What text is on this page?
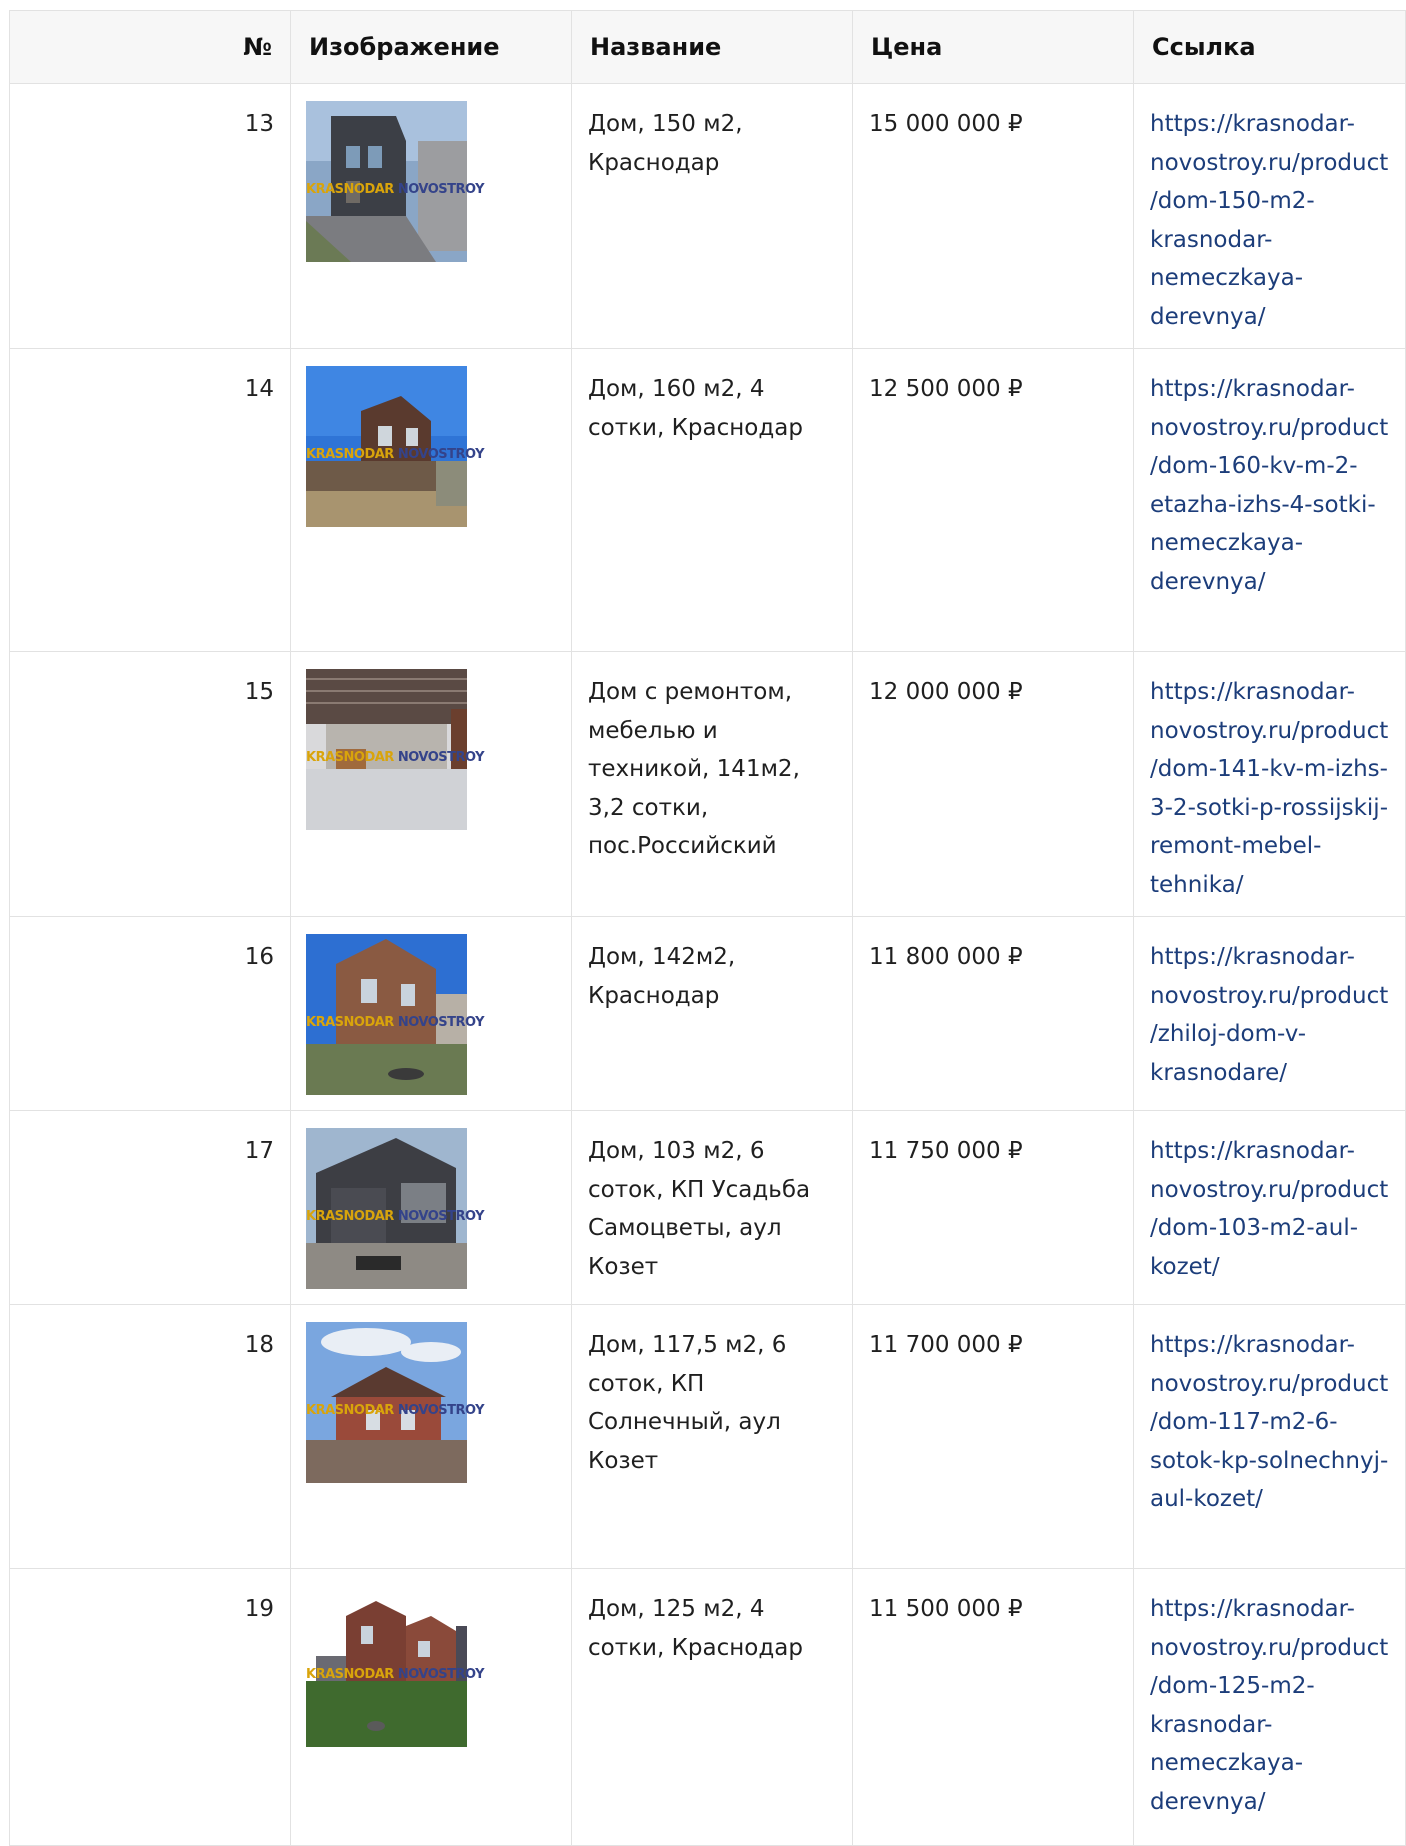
№	Изображение	Название	Цена	Ссылка
13	KRASNODAR NOVOSTROY	Дом, 150 м2, Краснодар	15 000 000 ₽	https://krasnodar-novostroy.ru/product/dom-150-m2-krasnodar-nemeczkaya-derevnya/
14	KRASNODAR NOVOSTROY	Дом, 160 м2, 4 сотки, Краснодар	12 500 000 ₽	https://krasnodar-novostroy.ru/product/dom-160-kv-m-2-etazha-izhs-4-sotki-nemeczkaya-derevnya/
15	KRASNODAR NOVOSTROY	Дом с ремонтом, мебелью и техникой, 141м2, 3,2 сотки, пос.Российский	12 000 000 ₽	https://krasnodar-novostroy.ru/product/dom-141-kv-m-izhs-3-2-sotki-p-rossijskij-remont-mebel-tehnika/
16	KRASNODAR NOVOSTROY	Дом, 142м2, Краснодар	11 800 000 ₽	https://krasnodar-novostroy.ru/product/zhiloj-dom-v-krasnodare/
17	KRASNODAR NOVOSTROY	Дом, 103 м2, 6 соток, КП Усадьба Самоцветы, аул Козет	11 750 000 ₽	https://krasnodar-novostroy.ru/product/dom-103-m2-aul-kozet/
18	KRASNODAR NOVOSTROY	Дом, 117,5 м2, 6 соток, КП Солнечный, аул Козет	11 700 000 ₽	https://krasnodar-novostroy.ru/product/dom-117-m2-6-sotok-kp-solnechnyj-aul-kozet/
19	KRASNODAR NOVOSTROY	Дом, 125 м2, 4 сотки, Краснодар	11 500 000 ₽	https://krasnodar-novostroy.ru/product/dom-125-m2-krasnodar-nemeczkaya-derevnya/
